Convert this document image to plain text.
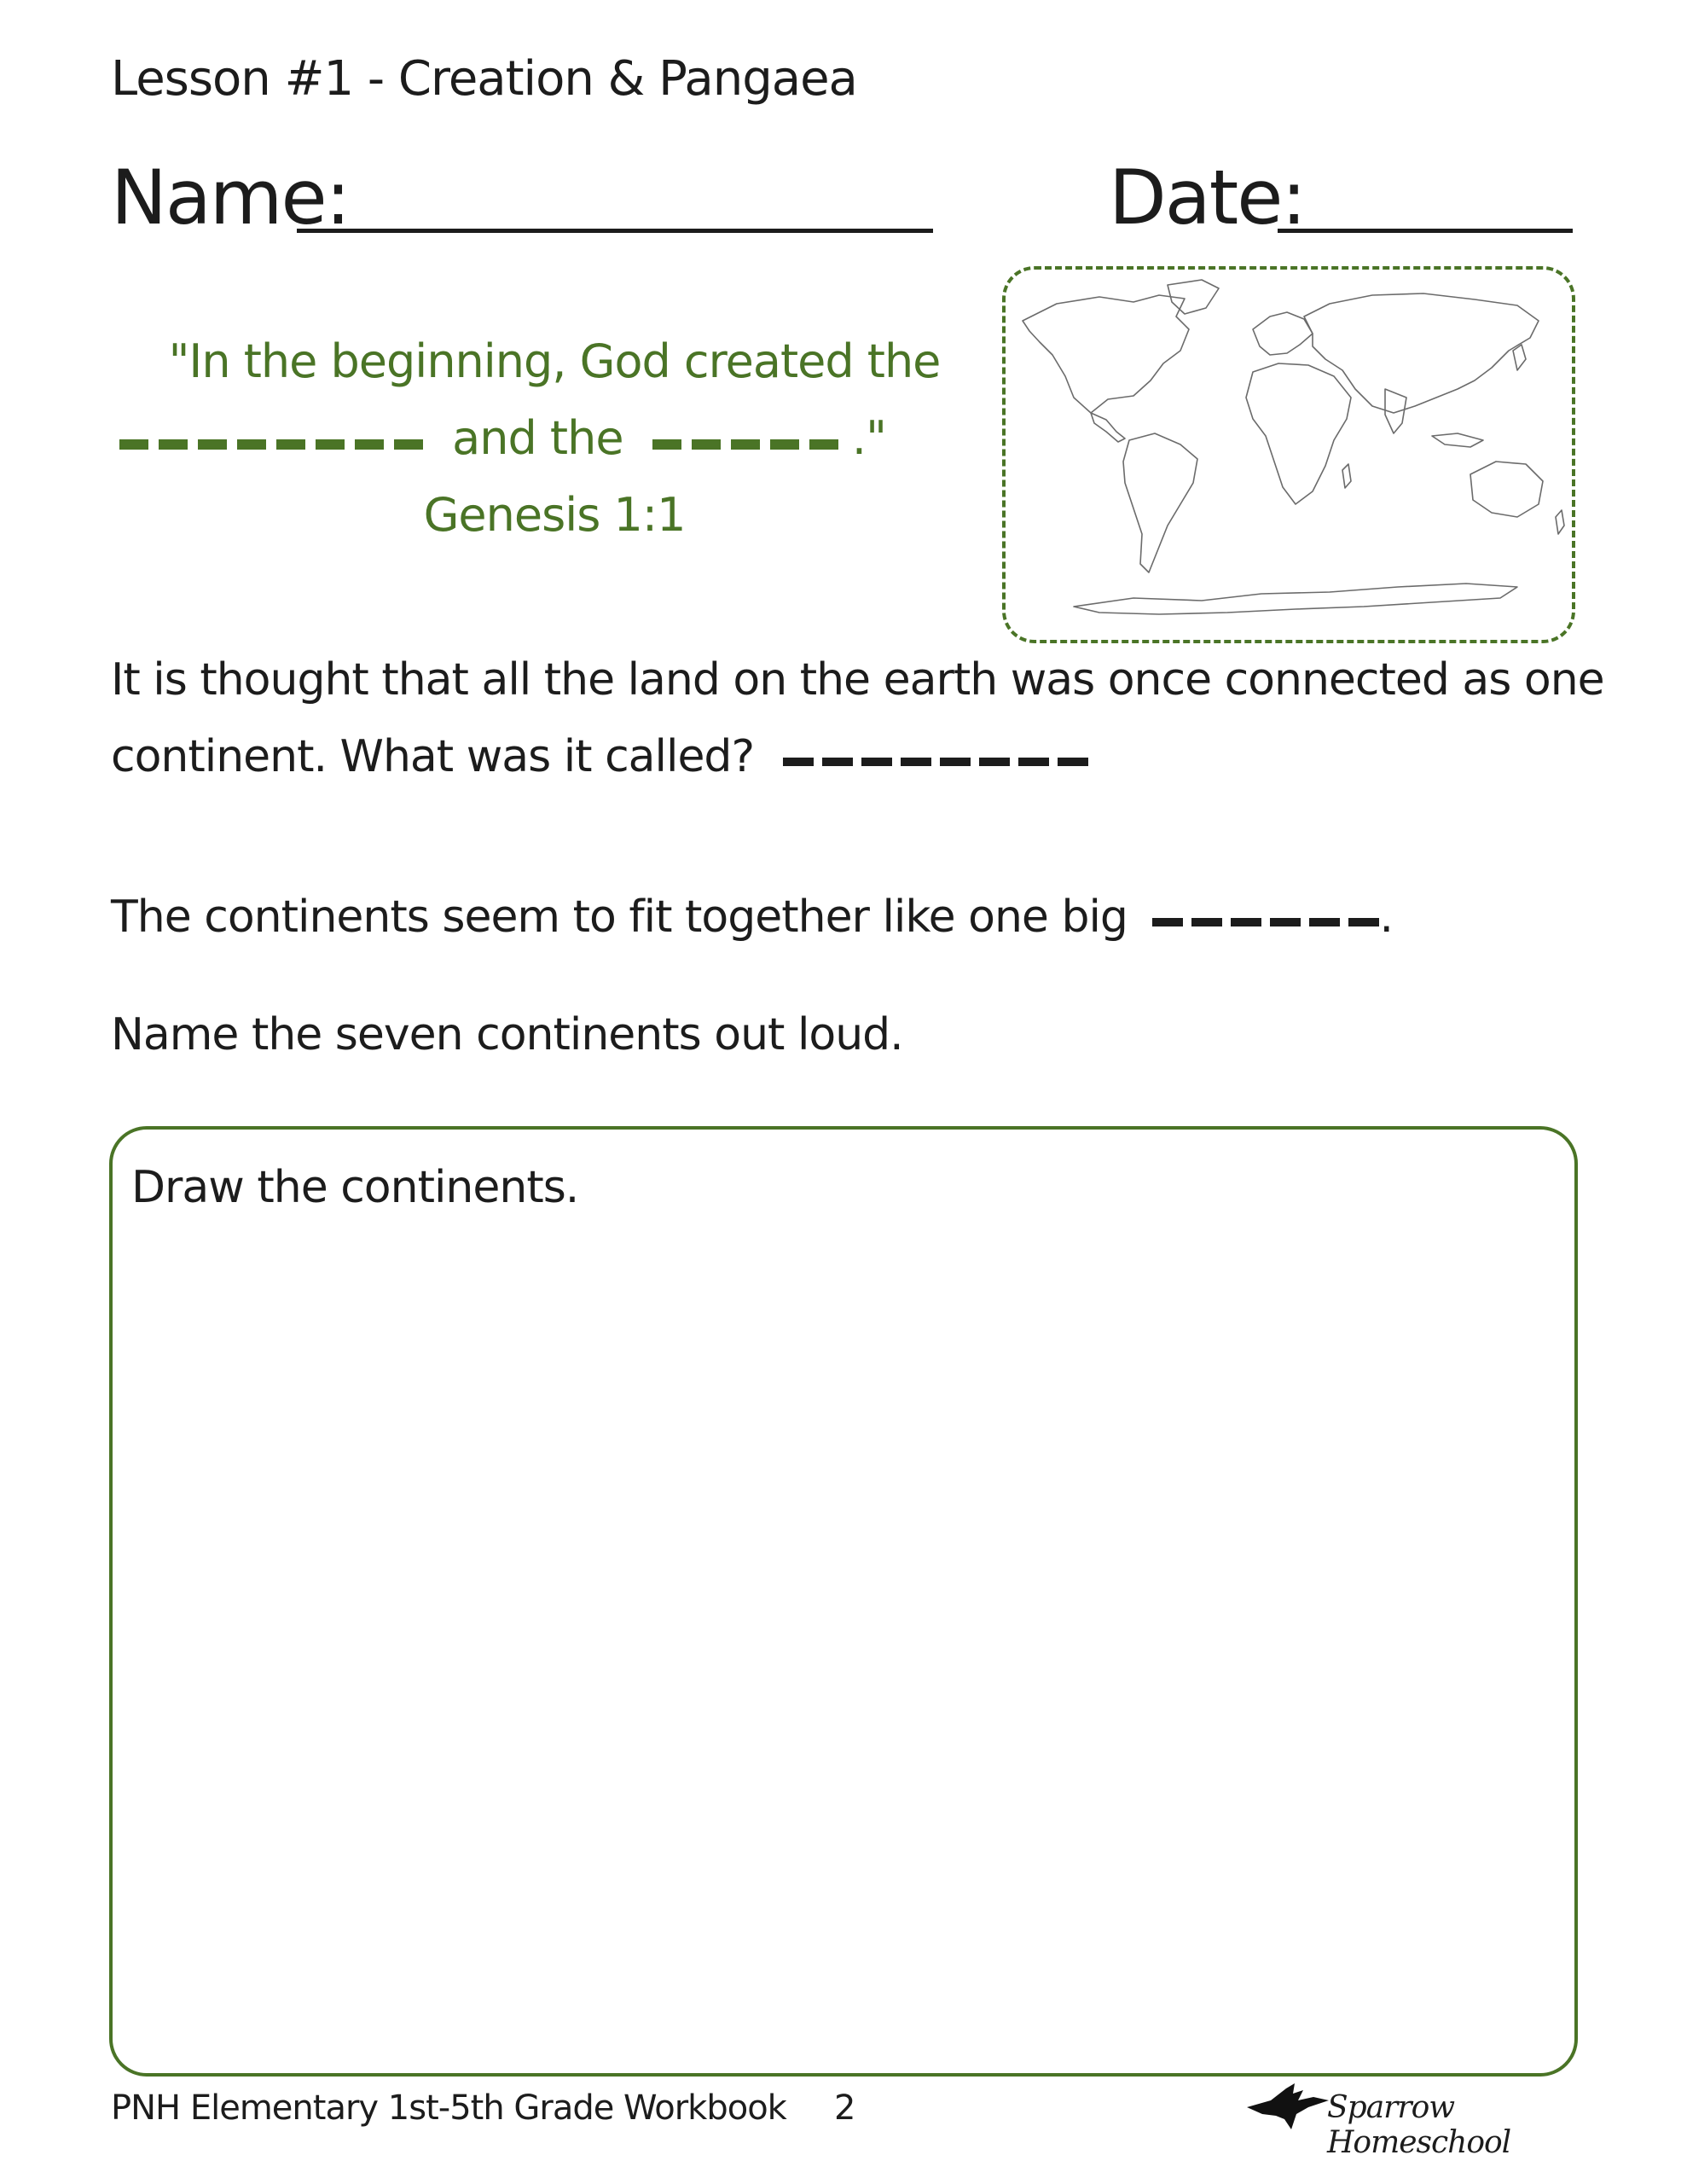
Lesson #1 - Creation & Pangaea
Name:	Date:
"In the beginning, God created the
and the	."
Genesis 1:1
It is thought that all the land on the earth was once connected as one
continent. What was it called?
The continents seem to fit together like one big	.
Name the seven continents out loud.
Draw the continents.
PNH Elementary 1st-5th Grade Workbook 2	Sparrow Homeschool
